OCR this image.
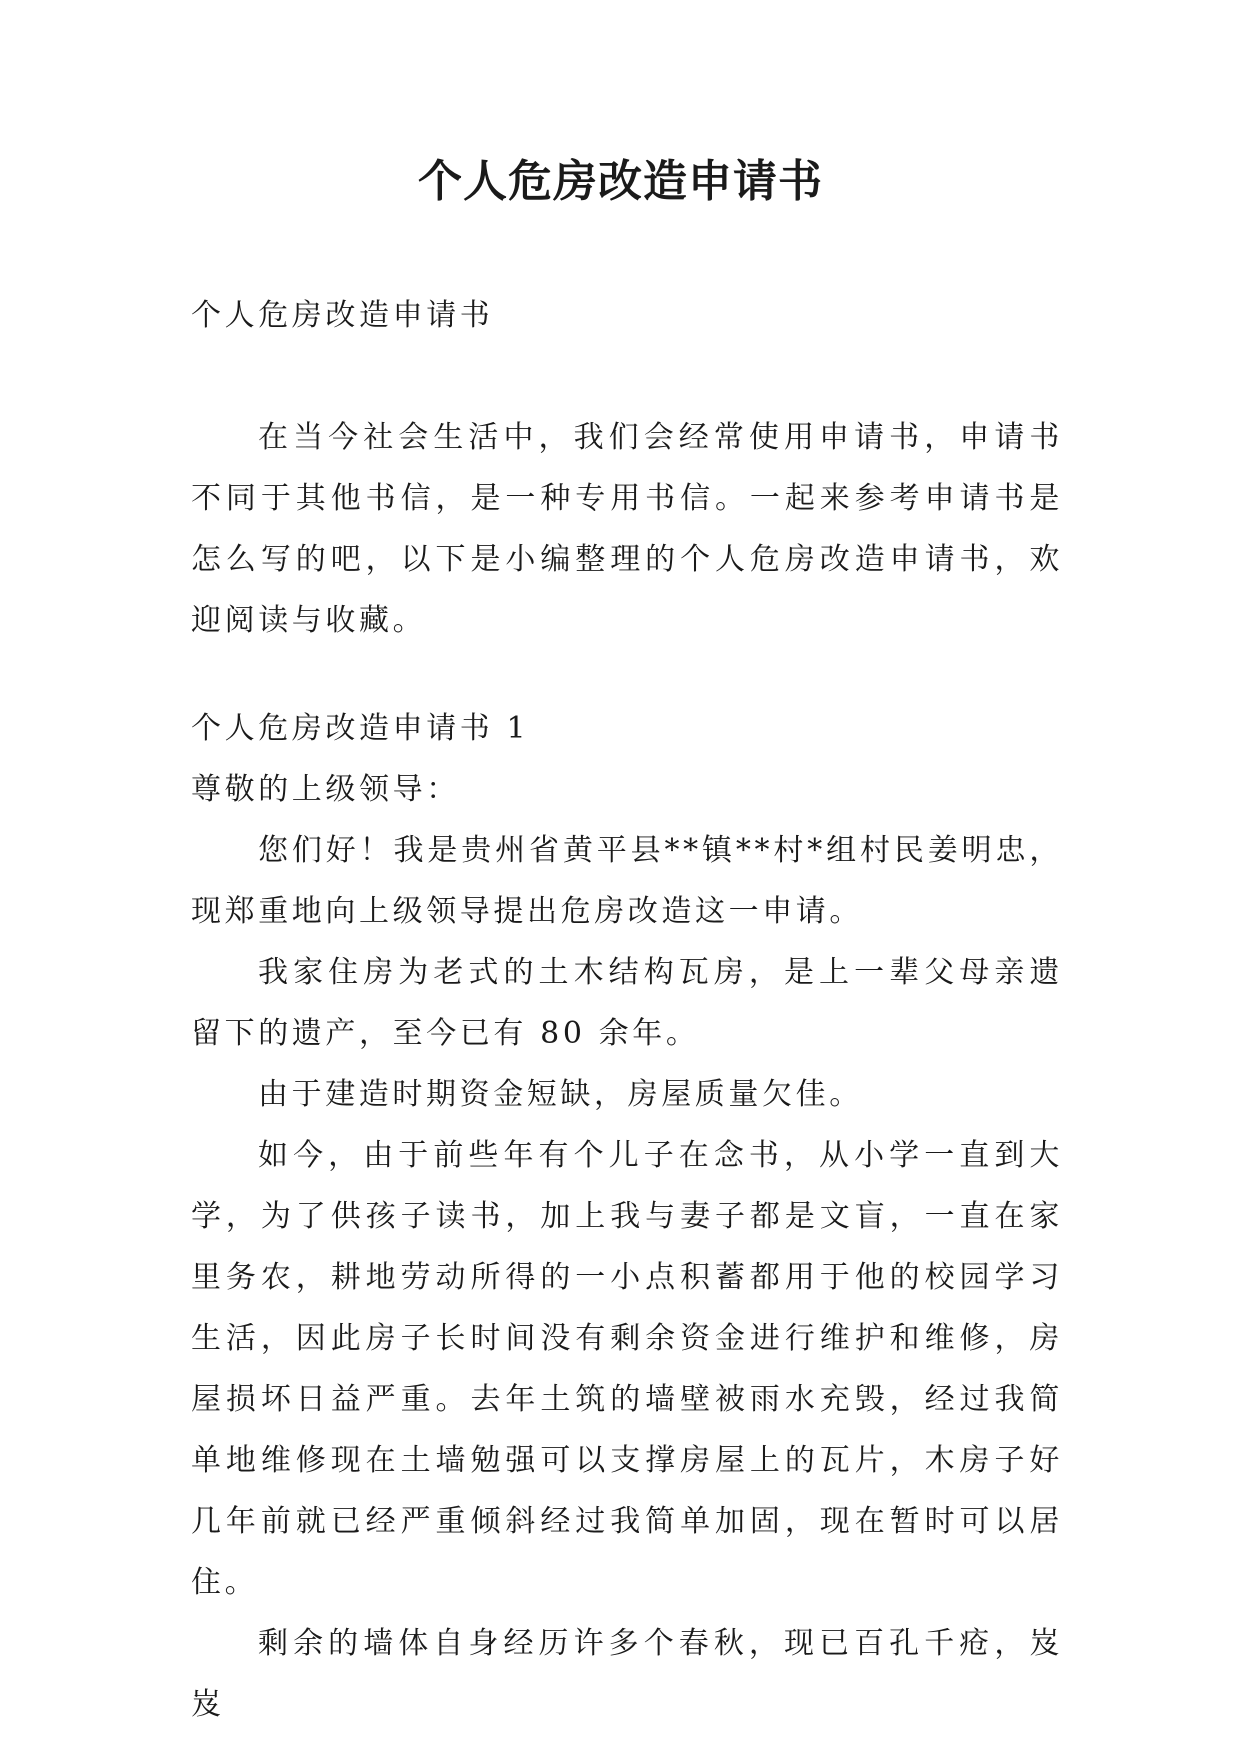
个人危房改造申请书

个人危房改造申请书

在当今社会生活中，我们会经常使用申请书，申请书不同于其他书信，是一种专用书信。一起来参考申请书是怎么写的吧，以下是小编整理的个人危房改造申请书，欢迎阅读与收藏。

个人危房改造申请书 1

尊敬的上级领导：

您们好！我是贵州省黄平县**镇**村*组村民姜明忠，现郑重地向上级领导提出危房改造这一申请。

我家住房为老式的土木结构瓦房，是上一辈父母亲遗留下的遗产，至今已有 80 余年。

由于建造时期资金短缺，房屋质量欠佳。

如今，由于前些年有个儿子在念书，从小学一直到大学，为了供孩子读书，加上我与妻子都是文盲，一直在家里务农，耕地劳动所得的一小点积蓄都用于他的校园学习生活，因此房子长时间没有剩余资金进行维护和维修，房屋损坏日益严重。去年土筑的墙壁被雨水充毁，经过我简单地维修现在土墙勉强可以支撑房屋上的瓦片，木房子好几年前就已经严重倾斜经过我简单加固，现在暂时可以居住。

剩余的墙体自身经历许多个春秋，现已百孔千疮，岌岌
